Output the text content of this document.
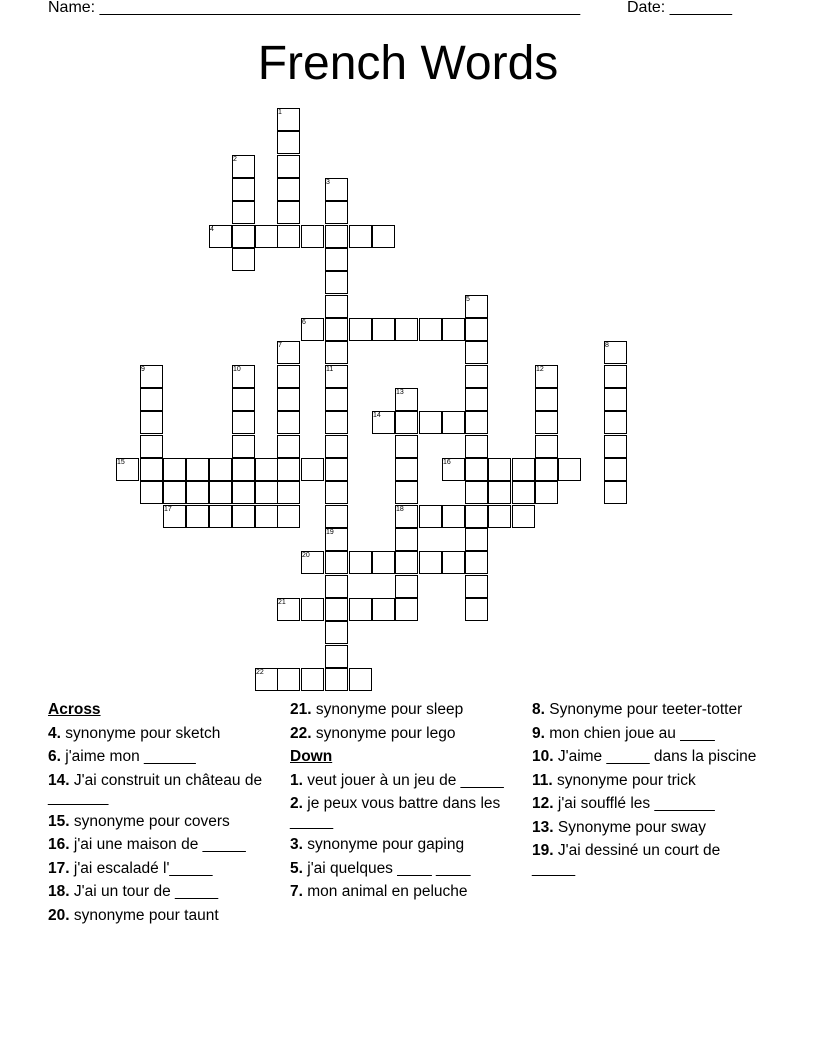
Name: ______________________________________________________	Date: _______
French Words
1
2
3
4
5
6
7	8
9	10	11	12
13
14
15	16
17	18
19
20
21
22
Across
4. synonyme pour sketch
6. j'aime mon ______
14. J'ai construit un château de _______
15. synonyme pour covers
16. j'ai une maison de _____
17. j'ai escaladé l'_____
18. J'ai un tour de _____
20. synonyme pour taunt
21. synonyme pour sleep
22. synonyme pour lego
Down
1. veut jouer à un jeu de _____
2. je peux vous battre dans les _____
3. synonyme pour gaping
5. j'ai quelques ____ ____
7. mon animal en peluche
8. Synonyme pour teeter-totter
9. mon chien joue au ____
10. J'aime _____ dans la piscine
11. synonyme pour trick
12. j'ai soufflé les _______
13. Synonyme pour sway
19. J'ai dessiné un court de _____
